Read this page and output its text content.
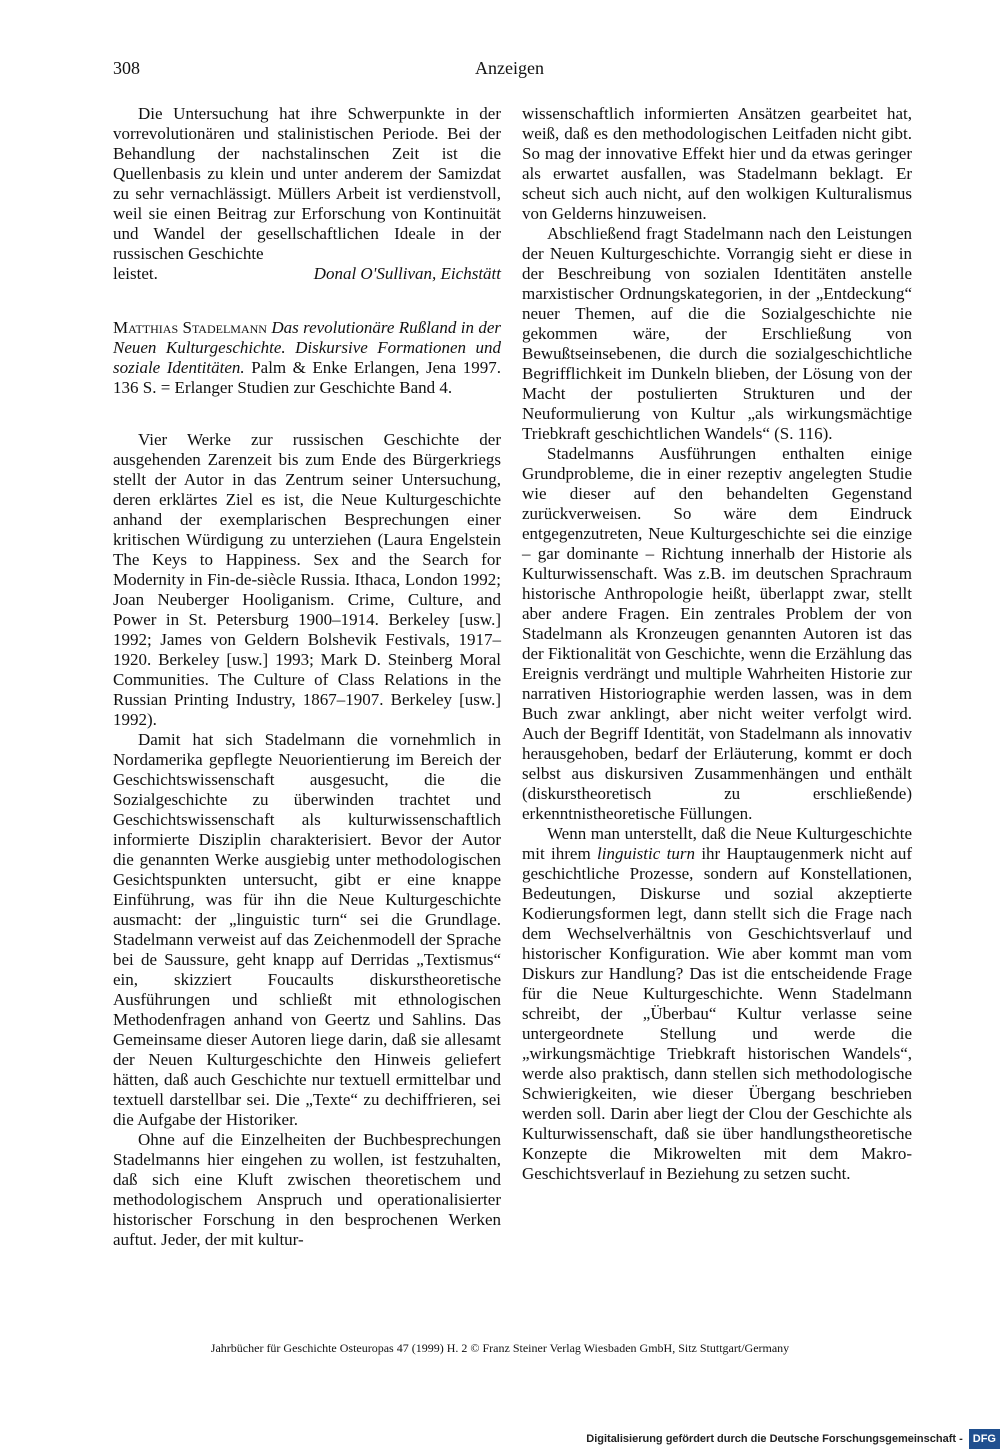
308	Anzeigen

Die Untersuchung hat ihre Schwerpunkte in der vorrevolutionären und stalinistischen Periode. Bei der Behandlung der nachstalinschen Zeit ist die Quellenbasis zu klein und unter anderem der Samizdat zu sehr vernachlässigt. Müllers Arbeit ist verdienstvoll, weil sie einen Beitrag zur Erforschung von Kontinuität und Wandel der gesellschaftlichen Ideale in der russischen Geschichte

leistet.	Donal O'Sullivan, Eichstätt

Matthias Stadelmann Das revolutionäre Rußland in der Neuen Kulturgeschichte. Diskursive Formationen und soziale Identitäten. Palm & Enke Erlangen, Jena 1997. 136 S. = Erlanger Studien zur Geschichte Band 4.

Vier Werke zur russischen Geschichte der ausgehenden Zarenzeit bis zum Ende des Bürgerkriegs stellt der Autor in das Zentrum seiner Untersuchung, deren erklärtes Ziel es ist, die Neue Kulturgeschichte anhand der exemplarischen Besprechungen einer kritischen Würdigung zu unterziehen (Laura Engelstein The Keys to Happiness. Sex and the Search for Modernity in Fin-de-siècle Russia. Ithaca, London 1992; Joan Neuberger Hooliganism. Crime, Culture, and Power in St. Petersburg 1900–1914. Berkeley [usw.] 1992; James von Geldern Bolshevik Festivals, 1917–1920. Berkeley [usw.] 1993; Mark D. Steinberg Moral Communities. The Culture of Class Relations in the Russian Printing Industry, 1867–1907. Berkeley [usw.] 1992).

Damit hat sich Stadelmann die vornehmlich in Nordamerika gepflegte Neuorientierung im Bereich der Geschichtswissenschaft ausgesucht, die die Sozialgeschichte zu überwinden trachtet und Geschichtswissenschaft als kulturwissenschaftlich informierte Disziplin charakterisiert. Bevor der Autor die genannten Werke ausgiebig unter methodologischen Gesichtspunkten untersucht, gibt er eine knappe Einführung, was für ihn die Neue Kulturgeschichte ausmacht: der „linguistic turn“ sei die Grundlage. Stadelmann verweist auf das Zeichenmodell der Sprache bei de Saussure, geht knapp auf Derridas „Textismus“ ein, skizziert Foucaults diskurstheoretische Ausführungen und schließt mit ethnologischen Methodenfragen anhand von Geertz und Sahlins. Das Gemeinsame dieser Autoren liege darin, daß sie allesamt der Neuen Kulturgeschichte den Hinweis geliefert hätten, daß auch Geschichte nur textuell ermittelbar und textuell darstellbar sei. Die „Texte“ zu dechiffrieren, sei die Aufgabe der Historiker.

Ohne auf die Einzelheiten der Buchbesprechungen Stadelmanns hier eingehen zu wollen, ist festzuhalten, daß sich eine Kluft zwischen theoretischem und methodologischem Anspruch und operationalisierter historischer Forschung in den besprochenen Werken auftut. Jeder, der mit kultur-

wissenschaftlich informierten Ansätzen gearbeitet hat, weiß, daß es den methodologischen Leitfaden nicht gibt. So mag der innovative Effekt hier und da etwas geringer als erwartet ausfallen, was Stadelmann beklagt. Er scheut sich auch nicht, auf den wolkigen Kulturalismus von Gelderns hinzuweisen.

Abschließend fragt Stadelmann nach den Leistungen der Neuen Kulturgeschichte. Vorrangig sieht er diese in der Beschreibung von sozialen Identitäten anstelle marxistischer Ordnungskategorien, in der „Entdeckung“ neuer Themen, auf die die Sozialgeschichte nie gekommen wäre, der Erschließung von Bewußtseinsebenen, die durch die sozialgeschichtliche Begrifflichkeit im Dunkeln blieben, der Lösung von der Macht der postulierten Strukturen und der Neuformulierung von Kultur „als wirkungsmächtige Triebkraft geschichtlichen Wandels“ (S. 116).

Stadelmanns Ausführungen enthalten einige Grundprobleme, die in einer rezeptiv angelegten Studie wie dieser auf den behandelten Gegenstand zurückverweisen. So wäre dem Eindruck entgegenzutreten, Neue Kulturgeschichte sei die einzige – gar dominante – Richtung innerhalb der Historie als Kulturwissenschaft. Was z.B. im deutschen Sprachraum historische Anthropologie heißt, überlappt zwar, stellt aber andere Fragen. Ein zentrales Problem der von Stadelmann als Kronzeugen genannten Autoren ist das der Fiktionalität von Geschichte, wenn die Erzählung das Ereignis verdrängt und multiple Wahrheiten Historie zur narrativen Historiographie werden lassen, was in dem Buch zwar anklingt, aber nicht weiter verfolgt wird. Auch der Begriff Identität, von Stadelmann als innovativ herausgehoben, bedarf der Erläuterung, kommt er doch selbst aus diskursiven Zusammenhängen und enthält (diskurstheoretisch zu erschließende) erkenntnistheoretische Füllungen.

Wenn man unterstellt, daß die Neue Kulturgeschichte mit ihrem linguistic turn ihr Hauptaugenmerk nicht auf geschichtliche Prozesse, sondern auf Konstellationen, Bedeutungen, Diskurse und sozial akzeptierte Kodierungsformen legt, dann stellt sich die Frage nach dem Wechselverhältnis von Geschichtsverlauf und historischer Konfiguration. Wie aber kommt man vom Diskurs zur Handlung? Das ist die entscheidende Frage für die Neue Kulturgeschichte. Wenn Stadelmann schreibt, der „Überbau“ Kultur verlasse seine untergeordnete Stellung und werde die „wirkungsmächtige Triebkraft historischen Wandels“, werde also praktisch, dann stellen sich methodologische Schwierigkeiten, wie dieser Übergang beschrieben werden soll. Darin aber liegt der Clou der Geschichte als Kulturwissenschaft, daß sie über handlungstheoretische Konzepte die Mikrowelten mit dem Makro-Geschichtsverlauf in Beziehung zu setzen sucht.

Jahrbücher für Geschichte Osteuropas 47 (1999) H. 2 © Franz Steiner Verlag Wiesbaden GmbH, Sitz Stuttgart/Germany
Digitalisierung gefördert durch die Deutsche Forschungsgemeinschaft - DFG
